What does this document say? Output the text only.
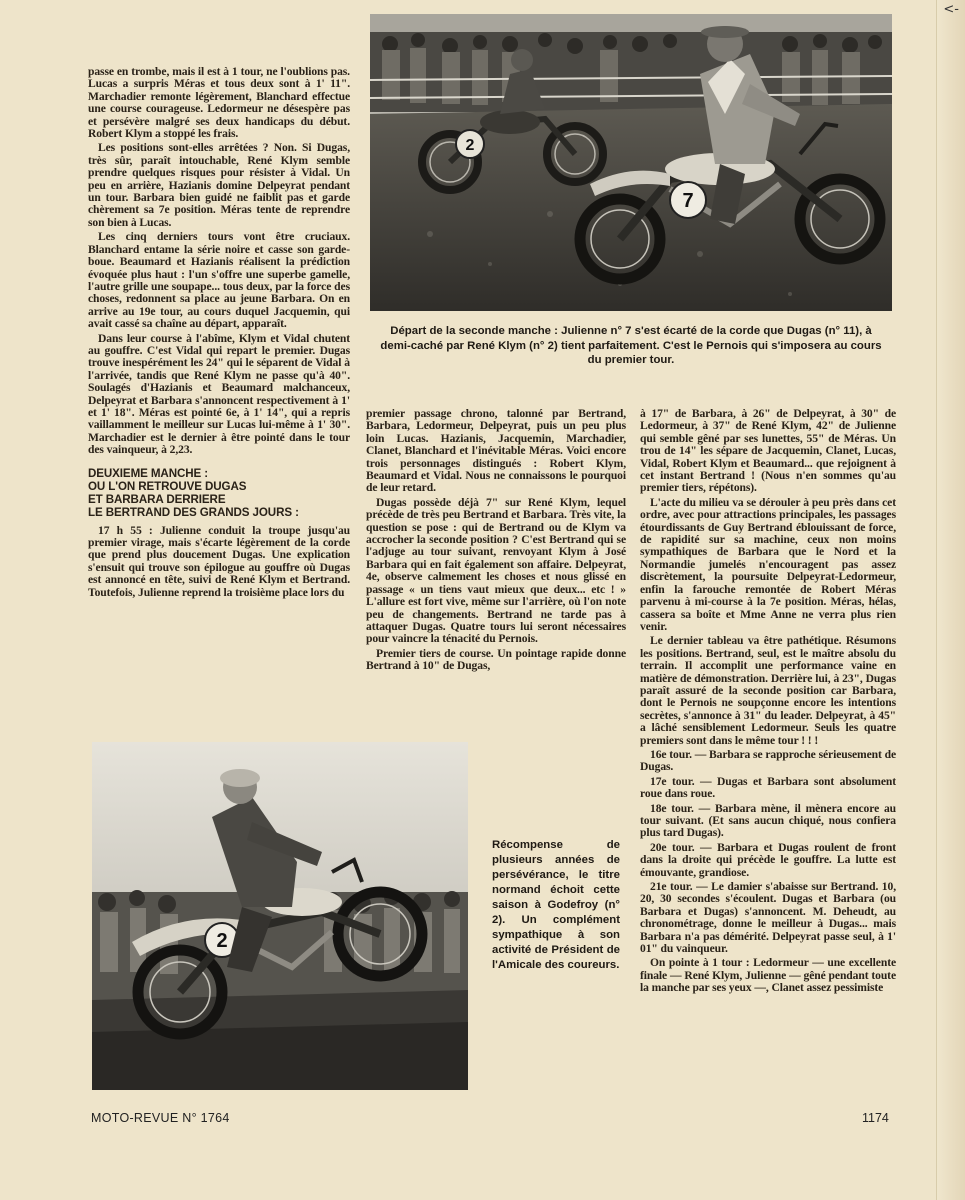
<-

passe en trombe, mais il est à 1 tour, ne l'oublions pas. Lucas a surpris Méras et tous deux sont à 1' 11". Marchadier remonte légèrement, Blanchard effectue une course courageuse. Ledormeur ne désespère pas et persévère malgré ses deux handicaps du début. Robert Klym a stoppé les frais.

Les positions sont-elles arrêtées ? Non. Si Dugas, très sûr, paraît intouchable, René Klym semble prendre quelques risques pour résister à Vidal. Un peu en arrière, Hazianis domine Delpeyrat pendant un tour. Barbara bien guidé ne faiblit pas et garde chèrement sa 7e position. Méras tente de reprendre son bien à Lucas.

Les cinq derniers tours vont être cruciaux. Blanchard entame la série noire et casse son garde-boue. Beaumard et Hazianis réalisent la prédiction évoquée plus haut : l'un s'offre une superbe gamelle, l'autre grille une soupape... tous deux, par la force des choses, redonnent sa place au jeune Barbara. On en arrive au 19e tour, au cours duquel Jacquemin, qui avait cassé sa chaîne au départ, apparaît.

Dans leur course à l'abîme, Klym et Vidal chutent au gouffre. C'est Vidal qui repart le premier. Dugas trouve inespérément les 24" qui le séparent de Vidal à l'arrivée, tandis que René Klym ne passe qu'à 40". Soulagés d'Hazianis et Beaumard malchanceux, Delpeyrat et Barbara s'annoncent respectivement à 1' et 1' 18". Méras est pointé 6e, à 1' 14", qui a repris vaillamment le meilleur sur Lucas lui-même à 1' 30". Marchadier est le dernier à être pointé dans le tour des vainqueur, à 2,23.

DEUXIEME MANCHE :
OU L'ON RETROUVE DUGAS
ET BARBARA DERRIERE
LE BERTRAND DES GRANDS JOURS :

17 h 55 : Julienne conduit la troupe jusqu'au premier virage, mais s'écarte légèrement de la corde que prend plus doucement Dugas. Une explication s'ensuit qui trouve son épilogue au gouffre où Dugas est annoncé en tête, suivi de René Klym et Bertrand. Toutefois, Julienne reprend la troisième place lors du

2
7
Départ de la seconde manche : Julienne n° 7 s'est écarté de la corde que Dugas (n° 11), à demi-caché par René Klym (n° 2) tient parfaitement. C'est le Pernois qui s'imposera au cours du premier tour.

premier passage chrono, talonné par Bertrand, Barbara, Ledormeur, Delpeyrat, puis un peu plus loin Lucas. Hazianis, Jacquemin, Marchadier, Clanet, Blanchard et l'inévitable Méras. Voici encore trois personnages distingués : Robert Klym, Beaumard et Vidal. Nous ne connaissons le pourquoi de leur retard.

Dugas possède déjà 7" sur René Klym, lequel précède de très peu Bertrand et Barbara. Très vite, la question se pose : qui de Bertrand ou de Klym va accrocher la seconde position ? C'est Bertrand qui se l'adjuge au tour suivant, renvoyant Klym à José Barbara qui en fait également son affaire. Delpeyrat, 4e, observe calmement les choses et nous glissé en passage « un tiens vaut mieux que deux... etc ! » L'allure est fort vive, même sur l'arrière, où l'on note peu de changements. Bertrand ne tarde pas à attaquer Dugas. Quatre tours lui seront nécessaires pour vaincre la ténacité du Pernois.

Premier tiers de course. Un pointage rapide donne Bertrand à 10" de Dugas,

à 17" de Barbara, à 26" de Delpeyrat, à 30" de Ledormeur, à 37" de René Klym, 42" de Julienne qui semble gêné par ses lunettes, 55" de Méras. Un trou de 14" les sépare de Jacquemin, Clanet, Lucas, Vidal, Robert Klym et Beaumard... que rejoignent à cet instant Bertrand ! (Nous n'en sommes qu'au premier tiers, répétons).

L'acte du milieu va se dérouler à peu près dans cet ordre, avec pour attractions principales, les passages étourdissants de Guy Bertrand éblouissant de force, de rapidité sur sa machine, ceux non moins sympathiques de Barbara que le Nord et la Normandie jumelés n'encouragent pas assez discrètement, la poursuite Delpeyrat-Ledormeur, enfin la farouche remontée de Robert Méras parvenu à mi-course à la 7e position. Méras, hélas, cassera sa boîte et Mme Anne ne verra plus rien venir.

Le dernier tableau va être pathétique. Résumons les positions. Bertrand, seul, est le maître absolu du terrain. Il accomplit une performance vaine en matière de démonstration. Derrière lui, à 23", Dugas paraît assuré de la seconde position car Barbara, dont le Pernois ne soupçonne encore les intentions secrètes, s'annonce à 31" du leader. Delpeyrat, à 45" a lâché sensiblement Ledormeur. Seuls les quatre premiers sont dans le même tour ! ! !

16e tour. — Barbara se rapproche sérieusement de Dugas.

17e tour. — Dugas et Barbara sont absolument roue dans roue.

18e tour. — Barbara mène, il mènera encore au tour suivant. (Et sans aucun chiqué, nous confiera plus tard Dugas).

20e tour. — Barbara et Dugas roulent de front dans la droite qui précède le gouffre. La lutte est émouvante, grandiose.

21e tour. — Le damier s'abaisse sur Bertrand. 10, 20, 30 secondes s'écoulent. Dugas et Barbara (ou Barbara et Dugas) s'annoncent. M. Deheudt, au chronométrage, donne le meilleur à Dugas... mais Barbara n'a pas démérité. Delpeyrat passe seul, à 1' 01" du vainqueur.

On pointe à 1 tour : Ledormeur — une excellente finale — René Klym, Julienne — gêné pendant toute la manche par ses yeux —, Clanet assez pessimiste

2
Récompense de plusieurs années de persévérance, le titre normand échoit cette saison à Godefroy (n° 2). Un complément sympathique à son activité de Président de l'Amicale des coureurs.
MOTO-REVUE N° 1764	1174
